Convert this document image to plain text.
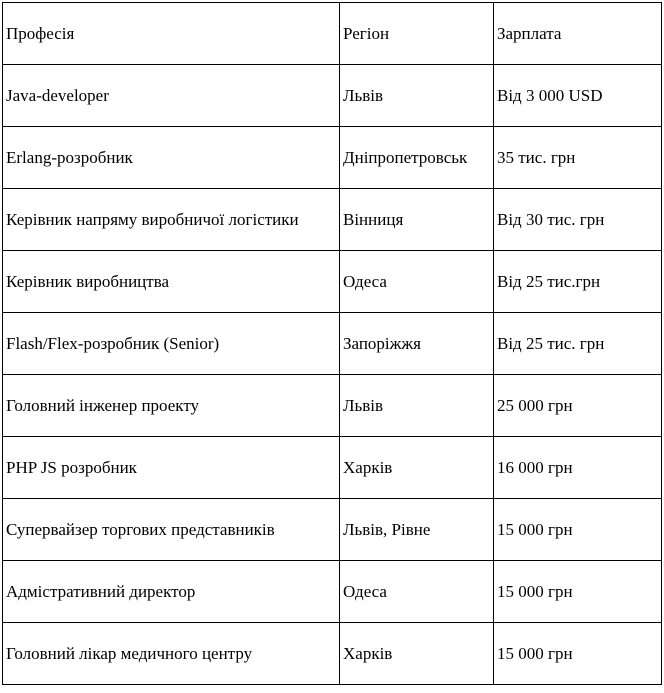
Професія	Регіон	Зарплата
Java-developer	Львів	Від 3 000 USD
Erlang-розробник	Дніпропетровськ	35 тис. грн
Керівник напряму виробничої логістики	Вінниця	Від 30 тис. грн
Керівник виробництва	Одеса	Від 25 тис.грн
Flash/Flex-розробник (Senior)	Запоріжжя	Від 25 тис. грн
Головний інженер проекту	Львів	25 000 грн
PHP JS розробник	Харків	16 000 грн
Супервайзер торгових представників	Львів, Рівне	15 000 грн
Адмістративний директор	Одеса	15 000 грн
Головний лікар медичного центру	Харків	15 000 грн
